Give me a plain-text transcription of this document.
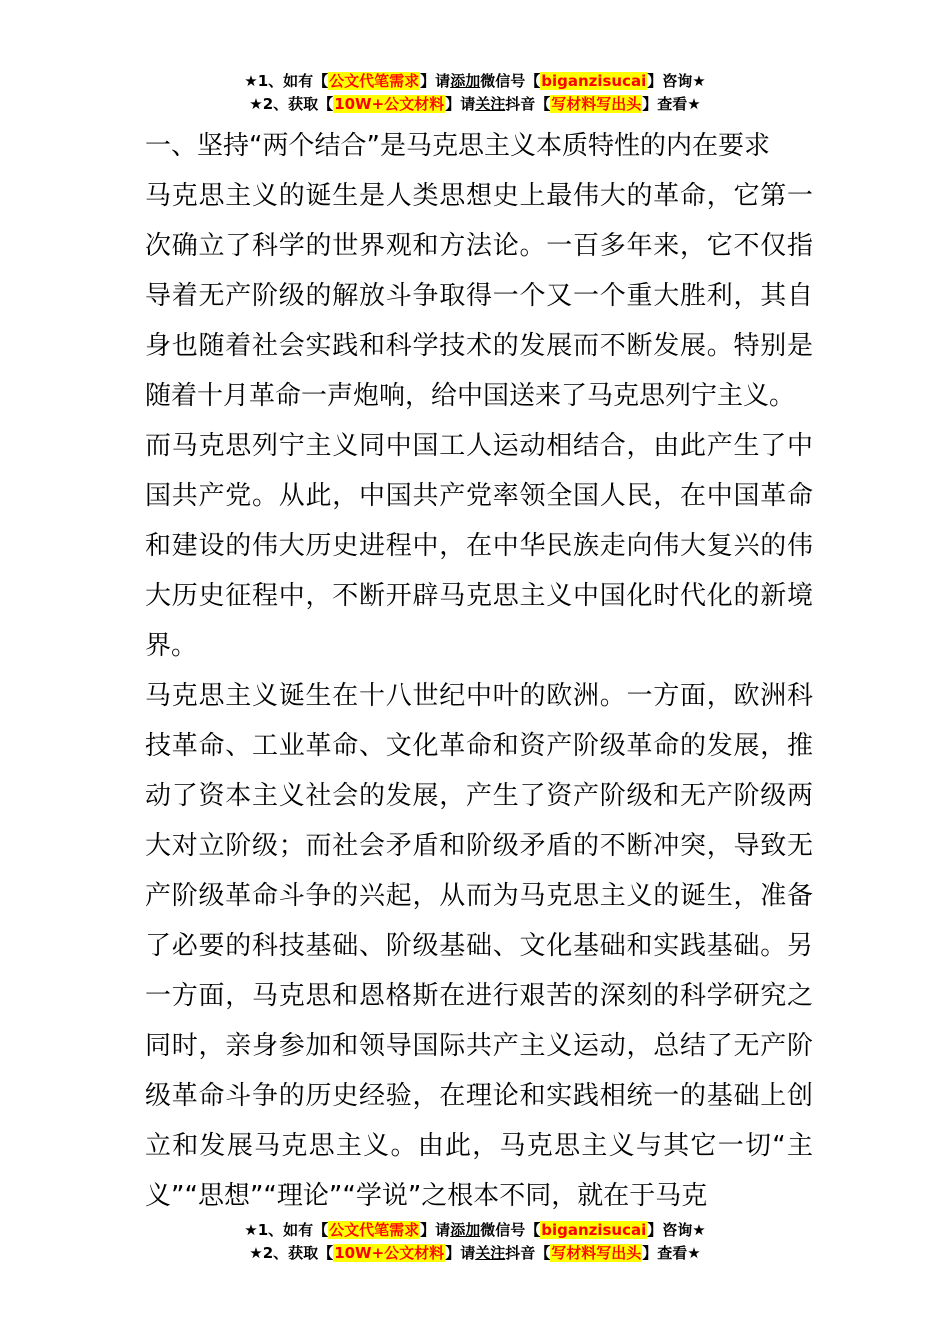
★1、如有【公文代笔需求】请添加微信号【biganzisucai】咨询★
★2、获取【10W+公文材料】请关注抖音【写材料写出头】查看★

一、坚持“两个结合”是马克思主义本质特性的内在要求

马克思主义的诞生是人类思想史上最伟大的革命，它第一次确立了科学的世界观和方法论。一百多年来，它不仅指导着无产阶级的解放斗争取得一个又一个重大胜利，其自身也随着社会实践和科学技术的发展而不断发展。特别是随着十月革命一声炮响，给中国送来了马克思列宁主义。

而马克思列宁主义同中国工人运动相结合，由此产生了中国共产党。从此，中国共产党率领全国人民，在中国革命和建设的伟大历史进程中，在中华民族走向伟大复兴的伟大历史征程中，不断开辟马克思主义中国化时代化的新境界。

马克思主义诞生在十八世纪中叶的欧洲。一方面，欧洲科技革命、工业革命、文化革命和资产阶级革命的发展，推动了资本主义社会的发展，产生了资产阶级和无产阶级两大对立阶级；而社会矛盾和阶级矛盾的不断冲突，导致无产阶级革命斗争的兴起，从而为马克思主义的诞生，准备了必要的科技基础、阶级基础、文化基础和实践基础。另一方面，马克思和恩格斯在进行艰苦的深刻的科学研究之同时，亲身参加和领导国际共产主义运动，总结了无产阶级革命斗争的历史经验，在理论和实践相统一的基础上创立和发展马克思主义。由此，马克思主义与其它一切“主义”“思想”“理论”“学说”之根本不同，就在于马克

★1、如有【公文代笔需求】请添加微信号【biganzisucai】咨询★
★2、获取【10W+公文材料】请关注抖音【写材料写出头】查看★
